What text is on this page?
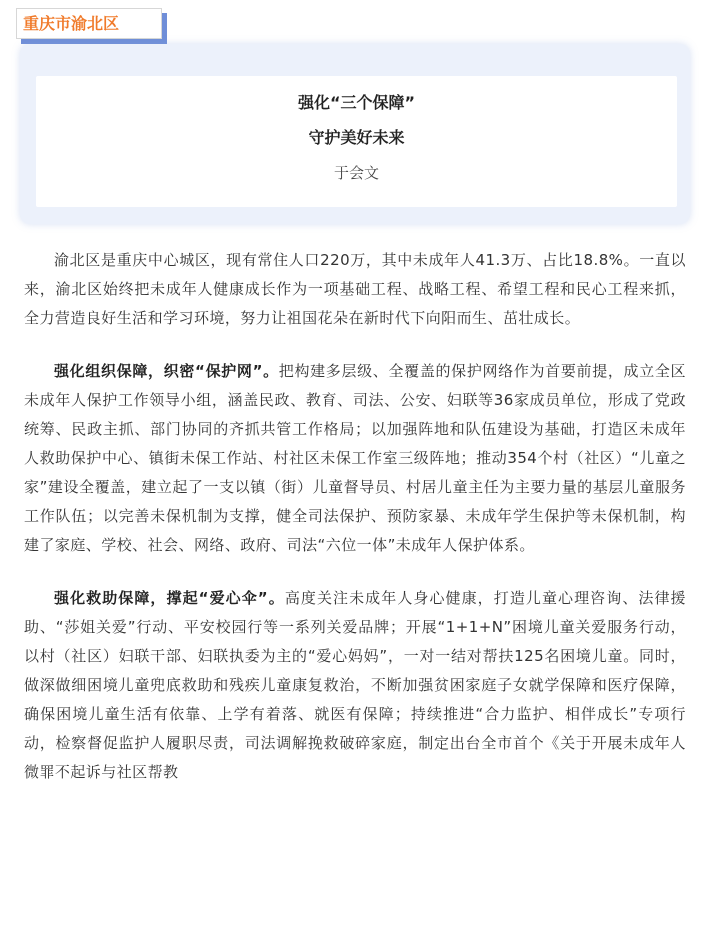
重庆市渝北区
强化“三个保障”
守护美好未来
于会文

渝北区是重庆中心城区，现有常住人口220万，其中未成年人41.3万、占比18.8%。一直以来，渝北区始终把未成年人健康成长作为一项基础工程、战略工程、希望工程和民心工程来抓，全力营造良好生活和学习环境，努力让祖国花朵在新时代下向阳而生、茁壮成长。

强化组织保障，织密“保护网”。把构建多层级、全覆盖的保护网络作为首要前提，成立全区未成年人保护工作领导小组，涵盖民政、教育、司法、公安、妇联等36家成员单位，形成了党政统筹、民政主抓、部门协同的齐抓共管工作格局；以加强阵地和队伍建设为基础，打造区未成年人救助保护中心、镇街未保工作站、村社区未保工作室三级阵地；推动354个村（社区）“儿童之家”建设全覆盖，建立起了一支以镇（街）儿童督导员、村居儿童主任为主要力量的基层儿童服务工作队伍；以完善未保机制为支撑，健全司法保护、预防家暴、未成年学生保护等未保机制，构建了家庭、学校、社会、网络、政府、司法“六位一体”未成年人保护体系。

强化救助保障，撑起“爱心伞”。高度关注未成年人身心健康，打造儿童心理咨询、法律援助、“莎姐关爱”行动、平安校园行等一系列关爱品牌；开展“1+1+N”困境儿童关爱服务行动，以村（社区）妇联干部、妇联执委为主的“爱心妈妈”，一对一结对帮扶125名困境儿童。同时，做深做细困境儿童兜底救助和残疾儿童康复救治，不断加强贫困家庭子女就学保障和医疗保障，确保困境儿童生活有依靠、上学有着落、就医有保障；持续推进“合力监护、相伴成长”专项行动，检察督促监护人履职尽责，司法调解挽救破碎家庭，制定出台全市首个《关于开展未成年人微罪不起诉与社区帮教
